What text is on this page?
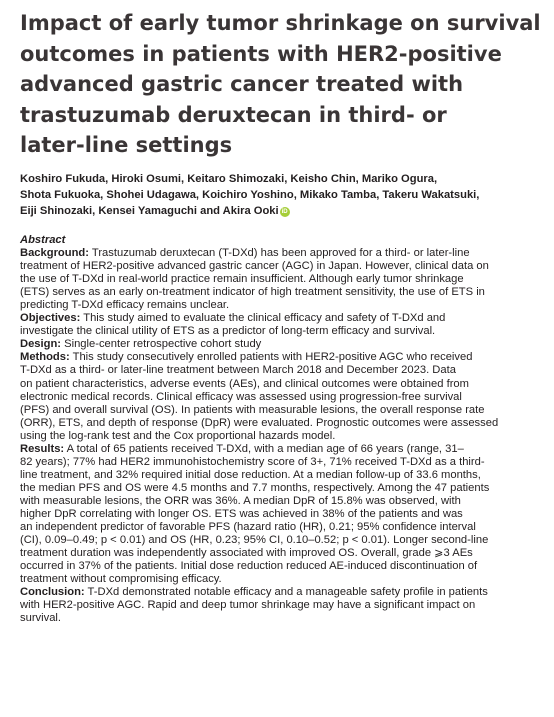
Impact of early tumor shrinkage on survival
outcomes in patients with HER2-positive
advanced gastric cancer treated with
trastuzumab deruxtecan in third- or
later-line settings
Koshiro Fukuda, Hiroki Osumi, Keitaro Shimozaki, Keisho Chin, Mariko Ogura,
Shota Fukuoka, Shohei Udagawa, Koichiro Yoshino, Mikako Tamba, Takeru Wakatsuki,
Eiji Shinozaki, Kensei Yamaguchi and Akira Ooki iD
Abstract
Background: Trastuzumab deruxtecan (T-DXd) has been approved for a third- or later-line
treatment of HER2-positive advanced gastric cancer (AGC) in Japan. However, clinical data on
the use of T-DXd in real-world practice remain insufficient. Although early tumor shrinkage
(ETS) serves as an early on-treatment indicator of high treatment sensitivity, the use of ETS in
predicting T-DXd efficacy remains unclear.
Objectives: This study aimed to evaluate the clinical efficacy and safety of T-DXd and
investigate the clinical utility of ETS as a predictor of long-term efficacy and survival.
Design: Single-center retrospective cohort study
Methods: This study consecutively enrolled patients with HER2-positive AGC who received
T-DXd as a third- or later-line treatment between March 2018 and December 2023. Data
on patient characteristics, adverse events (AEs), and clinical outcomes were obtained from
electronic medical records. Clinical efficacy was assessed using progression-free survival
(PFS) and overall survival (OS). In patients with measurable lesions, the overall response rate
(ORR), ETS, and depth of response (DpR) were evaluated. Prognostic outcomes were assessed
using the log-rank test and the Cox proportional hazards model.
Results: A total of 65 patients received T-DXd, with a median age of 66 years (range, 31–
82 years); 77% had HER2 immunohistochemistry score of 3+, 71% received T-DXd as a third-
line treatment, and 32% required initial dose reduction. At a median follow-up of 33.6 months,
the median PFS and OS were 4.5 months and 7.7 months, respectively. Among the 47 patients
with measurable lesions, the ORR was 36%. A median DpR of 15.8% was observed, with
higher DpR correlating with longer OS. ETS was achieved in 38% of the patients and was
an independent predictor of favorable PFS (hazard ratio (HR), 0.21; 95% confidence interval
(CI), 0.09–0.49; p < 0.01) and OS (HR, 0.23; 95% CI, 0.10–0.52; p < 0.01). Longer second-line
treatment duration was independently associated with improved OS. Overall, grade ⩾3 AEs
occurred in 37% of the patients. Initial dose reduction reduced AE-induced discontinuation of
treatment without compromising efficacy.
Conclusion: T-DXd demonstrated notable efficacy and a manageable safety profile in patients
with HER2-positive AGC. Rapid and deep tumor shrinkage may have a significant impact on
survival.
